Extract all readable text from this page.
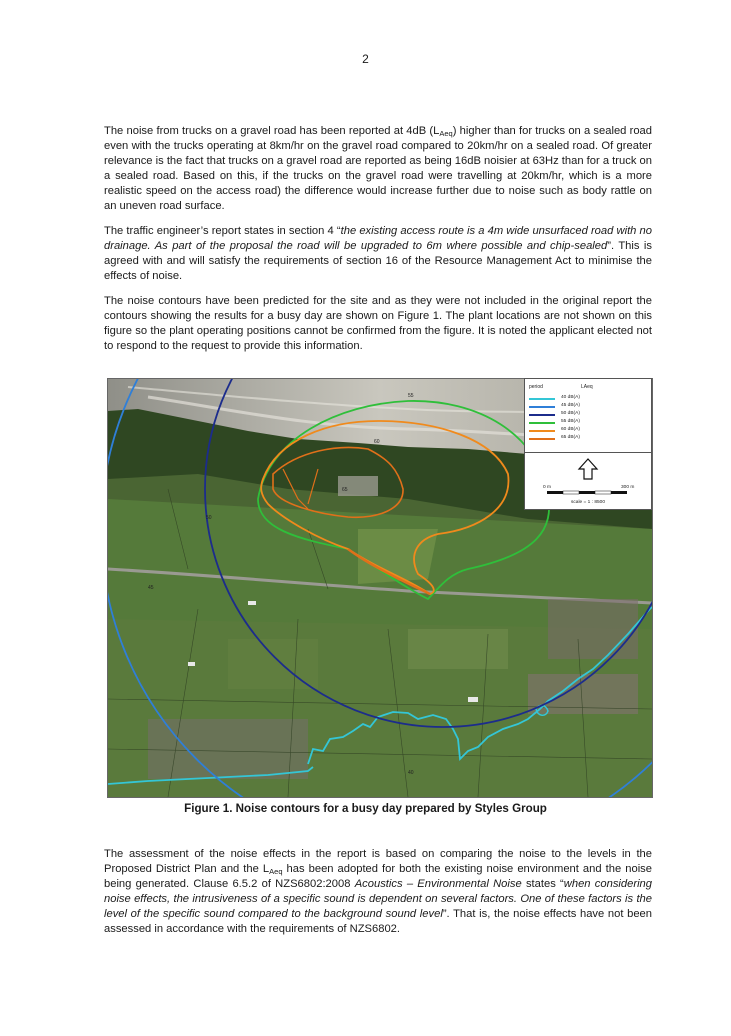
2

The noise from trucks on a gravel road has been reported at 4dB $(L_{Aeq})$ higher than for trucks on a sealed road even with the trucks operating at 8km/hr on the gravel road compared to 20km/hr on a sealed road. Of greater relevance is the fact that trucks on a gravel road are reported as being 16dB noisier at 63Hz than for a truck on a sealed road. Based on this, if the trucks on the gravel road were travelling at 20km/hr, which is a more realistic speed on the access road) the difference would increase further due to noise such as body rattle on an uneven road surface.

The traffic engineer’s report states in section 4 “the existing access route is a 4m wide unsurfaced road with no drainage. As part of the proposal the road will be upgraded to 6m where possible and chip-sealed”. This is agreed with and will satisfy the requirements of section 16 of the Resource Management Act to minimise the effects of noise.

The noise contours have been predicted for the site and as they were not included in the original report the contours showing the results for a busy day are shown on Figure 1. The plant locations are not shown on this figure so the plant operating positions cannot be confirmed from the figure. It is noted the applicant elected not to respond to the request to provide this information.

55
60
65
50
45
40
period	LAeq
40 dB(A)
45 dB(A)
50 dB(A)
55 dB(A)
60 dB(A)
65 dB(A)
0 m	300 m
scale = 1 : 8500
Figure 1. Noise contours for a busy day prepared by Styles Group

The assessment of the noise effects in the report is based on comparing the noise to the levels in the Proposed District Plan and the $L_{Aeq}$ has been adopted for both the existing noise environment and the noise being generated. Clause 6.5.2 of NZS6802:2008 Acoustics – Environmental Noise states “when considering noise effects, the intrusiveness of a specific sound is dependent on several factors. One of these factors is the level of the specific sound compared to the background sound level”. That is, the noise effects have not been assessed in accordance with the requirements of NZS6802.
